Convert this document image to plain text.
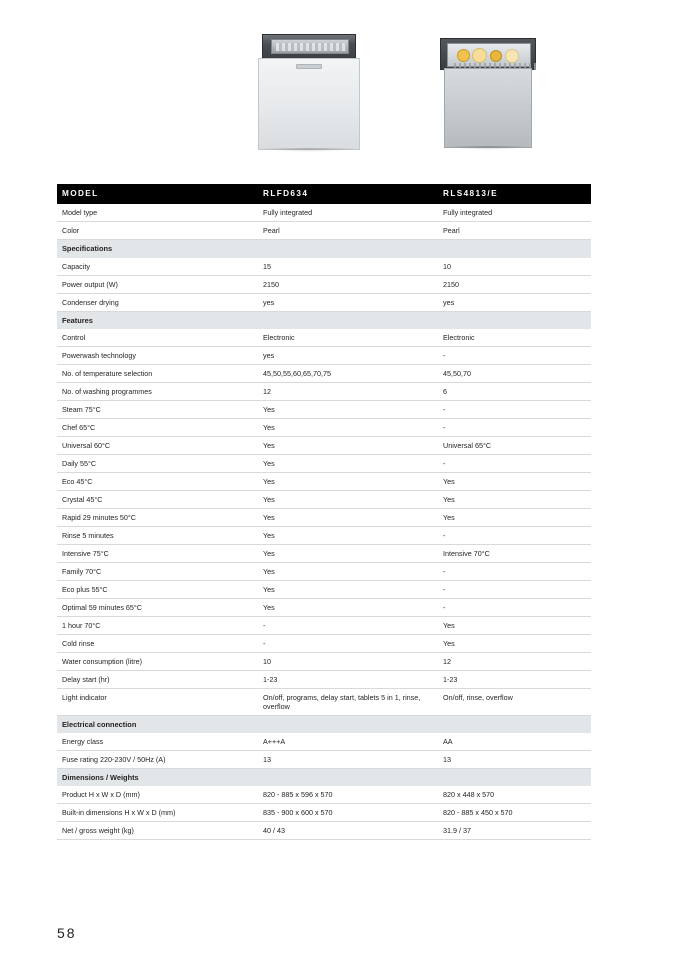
MODEL	RLFD634	RLS4813/E
Model type	Fully integrated	Fully integrated
Color	Pearl	Pearl
Specifications		
Capacity	15	10
Power output (W)	2150	2150
Condenser drying	yes	yes
Features		
Control	Electronic	Electronic
Powerwash technology	yes	-
No. of temperature selection	45,50,55,60,65,70,75	45,50,70
No. of washing programmes	12	6
Steam 75°C	Yes	-
Chef 65°C	Yes	-
Universal 60°C	Yes	Universal 65°C
Daily 55°C	Yes	-
Eco 45°C	Yes	Yes
Crystal 45°C	Yes	Yes
Rapid 29 minutes 50°C	Yes	Yes
Rinse 5 minutes	Yes	-
Intensive 75°C	Yes	Intensive 70°C
Family 70°C	Yes	-
Eco plus 55°C	Yes	-
Optimal 59 minutes 65°C	Yes	-
1 hour 70°C	-	Yes
Cold rinse	-	Yes
Water consumption (litre)	10	12
Delay start (hr)	1-23	1-23
Light indicator	On/off, programs, delay start, tablets 5 in 1, rinse, overflow	On/off, rinse, overflow
Electrical connection		
Energy class	A+++A	AA
Fuse rating 220-230V / 50Hz (A)	13	13
Dimensions / Weights		
Product H x W x D (mm)	820 - 885 x 596 x 570	820 x 448 x 570
Built-in dimensions H x W x D (mm)	835 - 900 x 600 x 570	820 - 885 x 450 x 570
Net / gross weight (kg)	40 / 43	31.9 / 37
58
